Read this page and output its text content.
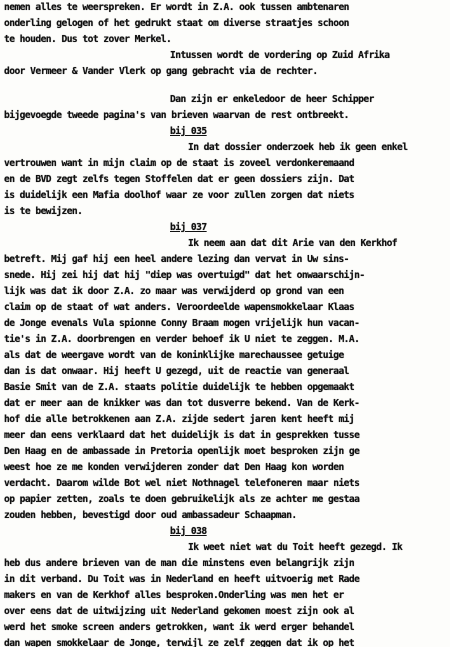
nemen alles te weerspreken. Er wordt in Z.A. ook tussen ambtenaren
onderling gelogen of het gedrukt staat om diverse straatjes schoon
te houden. Dus tot zover Merkel.
Intussen wordt de vordering op Zuid Afrika
door Vermeer & Vander Vlerk op gang gebracht via de rechter.
Dan zijn er enkeledoor de heer Schipper
bijgevoegde tweede pagina's van brieven waarvan de rest ontbreekt.
bij 035
In dat dossier onderzoek heb ik geen enkel
vertrouwen want in mijn claim op de staat is zoveel verdonkeremaand
en de BVD zegt zelfs tegen Stoffelen dat er geen dossiers zijn. Dat
is duidelijk een Mafia doolhof waar ze voor zullen zorgen dat niets
is te bewijzen.
bij 037
Ik neem aan dat dit Arie van den Kerkhof
betreft. Mij gaf hij een heel andere lezing dan vervat in Uw sins-
snede. Hij zei hij dat hij "diep was overtuigd" dat het onwaarschijn-
lijk was dat ik door Z.A. zo maar was verwijderd op grond van een
claim op de staat of wat anders. Veroordeelde wapensmokkelaar Klaas
de Jonge evenals Vula spionne Conny Braam mogen vrijelijk hun vacan-
tie's in Z.A. doorbrengen en verder behoef ik U niet te zeggen. M.A.
als dat de weergave wordt van de koninklijke marechaussee getuige
dan is dat onwaar. Hij heeft U gezegd, uit de reactie van generaal
Basie Smit van de Z.A. staats politie duidelijk te hebben opgemaakt
dat er meer aan de knikker was dan tot dusverre bekend. Van de Kerk-
hof die alle betrokkenen aan Z.A. zijde sedert jaren kent heeft mij
meer dan eens verklaard dat het duidelijk is dat in gesprekken tusse
Den Haag en de ambassade in Pretoria openlijk moet besproken zijn ge
weest hoe ze me konden verwijderen zonder dat Den Haag kon worden
verdacht. Daarom wilde Bot wel niet Nothnagel telefoneren maar niets
op papier zetten, zoals te doen gebruikelijk als ze achter me gestaa
zouden hebben, bevestigd door oud ambassadeur Schaapman.
bij 038
Ik weet niet wat du Toit heeft gezegd. Ik
heb dus andere brieven van de man die minstens even belangrijk zijn
in dit verband. Du Toit was in Nederland en heeft uitvoerig met Rade
makers en van de Kerkhof alles besproken.Onderling was men het er
over eens dat de uitwijzing uit Nederland gekomen moest zijn ook al
werd het smoke screen anders getrokken, want ik werd erger behandel
dan wapen smokkelaar de Jonge, terwijl ze zelf zeggen dat ik op het
